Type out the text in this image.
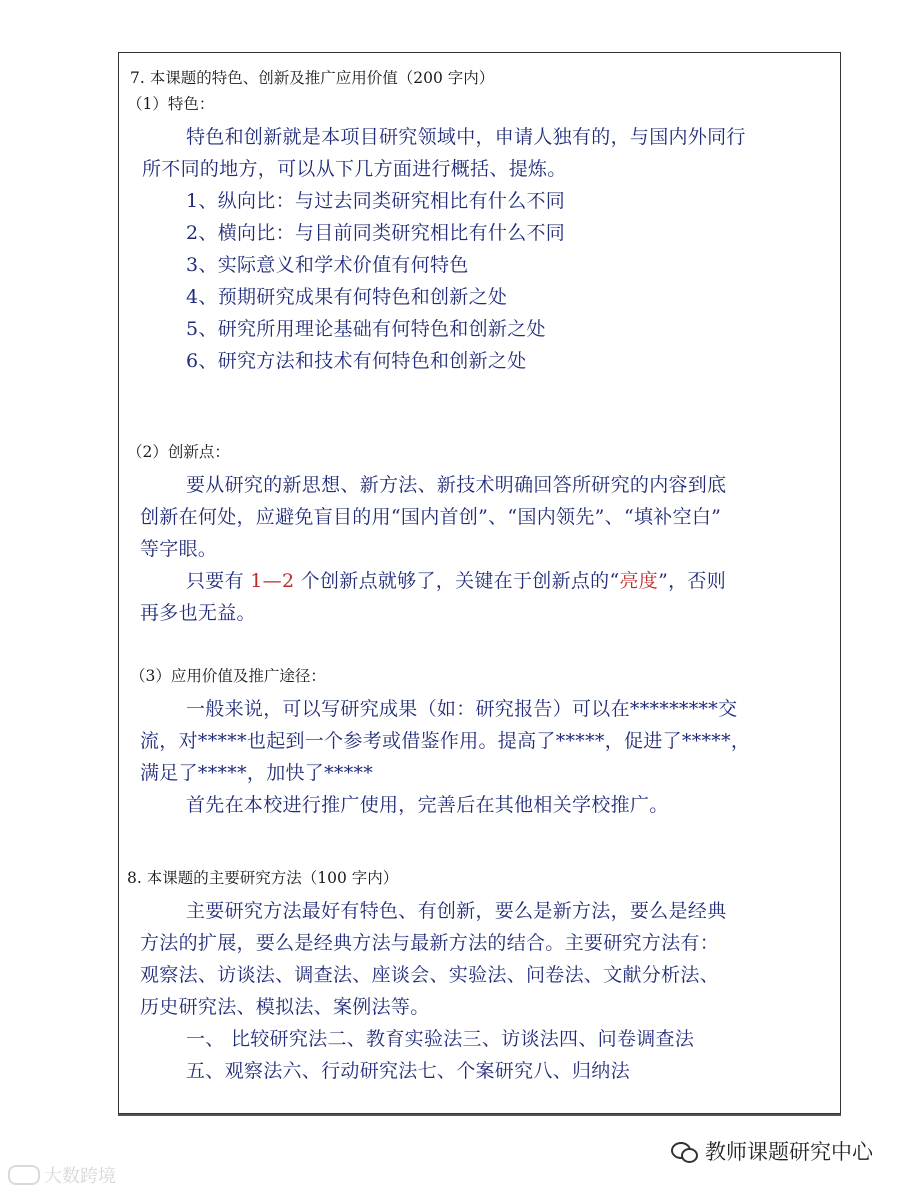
7. 本课题的特色、创新及推广应用价值（200 字内）
（1）特色：
特色和创新就是本项目研究领域中，申请人独有的，与国内外同行
所不同的地方，可以从下几方面进行概括、提炼。
1、纵向比：与过去同类研究相比有什么不同
2、横向比：与目前同类研究相比有什么不同
3、实际意义和学术价值有何特色
4、预期研究成果有何特色和创新之处
5、研究所用理论基础有何特色和创新之处
6、研究方法和技术有何特色和创新之处
（2）创新点：
要从研究的新思想、新方法、新技术明确回答所研究的内容到底
创新在何处，应避免盲目的用“国内首创”、“国内领先”、“填补空白”
等字眼。
只要有 1—2 个创新点就够了，关键在于创新点的“亮度”，否则
再多也无益。
（3）应用价值及推广途径：
一般来说，可以写研究成果（如：研究报告）可以在*********交
流，对*****也起到一个参考或借鉴作用。提高了*****，促进了*****，
满足了*****，加快了*****
首先在本校进行推广使用，完善后在其他相关学校推广。
8. 本课题的主要研究方法（100 字内）
主要研究方法最好有特色、有创新，要么是新方法，要么是经典
方法的扩展，要么是经典方法与最新方法的结合。主要研究方法有：
观察法、访谈法、调查法、座谈会、实验法、问卷法、文献分析法、
历史研究法、模拟法、案例法等。
一、 比较研究法二、教育实验法三、访谈法四、问卷调查法
五、观察法六、行动研究法七、个案研究八、归纳法
教师课题研究中心
大数跨境
